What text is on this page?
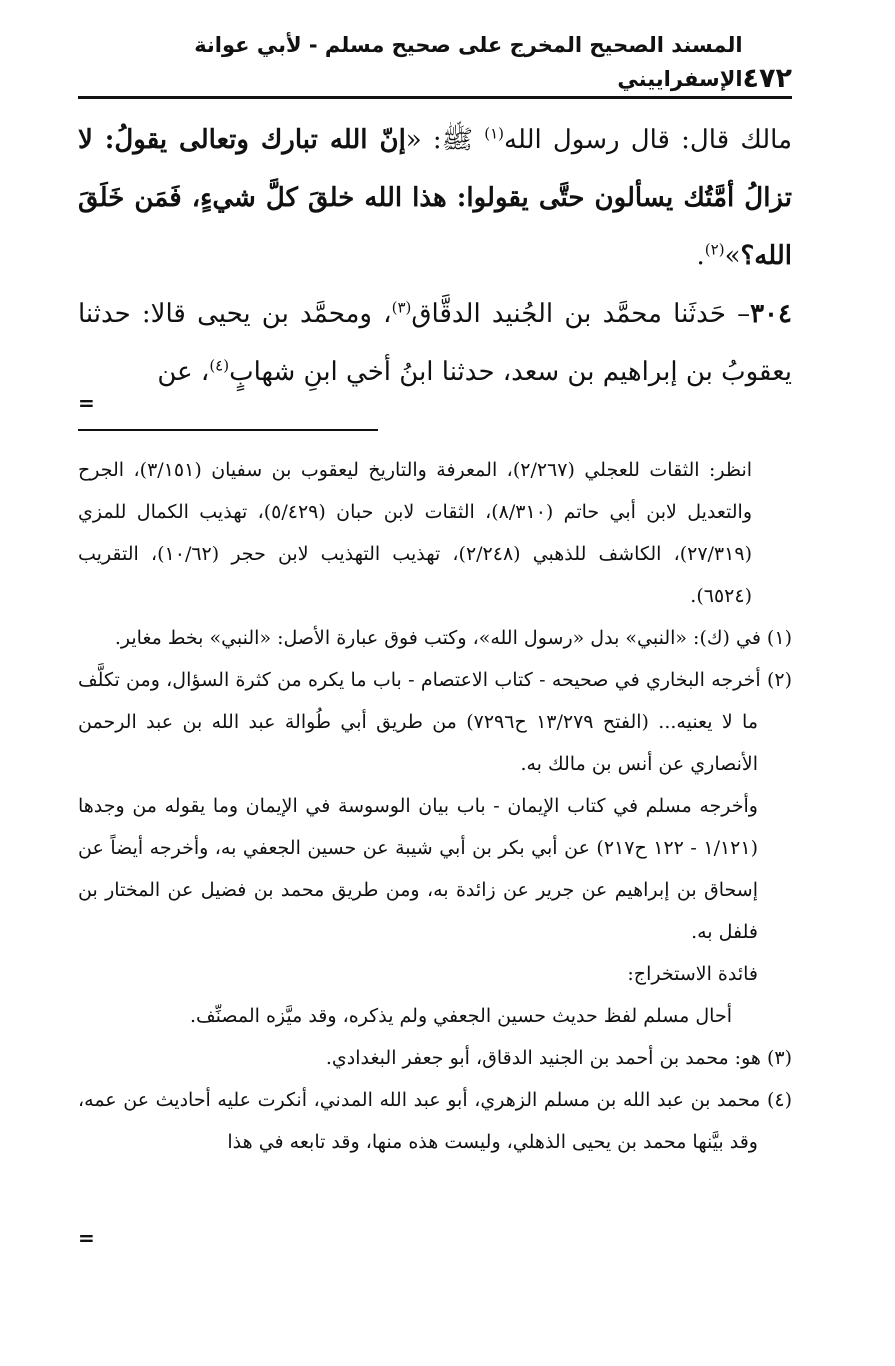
٤٧٢
المسند الصحيح المخرج على صحيح مسلم - لأبي عوانة الإسفراييني

مالك قال: قال رسول الله$^{(١)}$ ﷺ: «إنّ الله تبارك وتعالى يقولُ: لا تزالُ أمَّتُك يسألون حتَّى يقولوا: هذا الله خلقَ كلَّ شيءٍ، فَمَن خَلَقَ الله؟»$^{(٢)}$.

٣٠٤– حَدثَنا محمَّد بن الجُنيد الدقَّاق$^{(٣)}$، ومحمَّد بن يحيى قالا: حدثنا يعقوبُ بن إبراهيم بن سعد، حدثنا ابنُ أخي ابنِ شهابٍ$^{(٤)}$، عن

انظر: الثقات للعجلي (٢/٢٦٧)، المعرفة والتاريخ ليعقوب بن سفيان (٣/١٥١)، الجرح والتعديل لابن أبي حاتم (٨/٣١٠)، الثقات لابن حبان (٥/٤٢٩)، تهذيب الكمال للمزي (٢٧/٣١٩)، الكاشف للذهبي (٢/٢٤٨)، تهذيب التهذيب لابن حجر (١٠/٦٢)، التقريب (٦٥٢٤).

(١) في (ك): «النبي» بدل «رسول الله»، وكتب فوق عبارة الأصل: «النبي» بخط مغاير.

(٢) أخرجه البخاري في صحيحه - كتاب الاعتصام - باب ما يكره من كثرة السؤال، ومن تكلَّف ما لا يعنيه... (الفتح ١٣/٢٧٩ ح٧٢٩٦) من طريق أبي طُوالة عبد الله بن عبد الرحمن الأنصاري عن أنس بن مالك به.

وأخرجه مسلم في كتاب الإيمان - باب بيان الوسوسة في الإيمان وما يقوله من وجدها (١/١٢١ - ١٢٢ ح٢١٧) عن أبي بكر بن أبي شيبة عن حسين الجعفي به، وأخرجه أيضاً عن إسحاق بن إبراهيم عن جرير عن زائدة به، ومن طريق محمد بن فضيل عن المختار بن فلفل به.

فائدة الاستخراج:

أحال مسلم لفظ حديث حسين الجعفي ولم يذكره، وقد ميَّزه المصنِّف.

(٣) هو: محمد بن أحمد بن الجنيد الدقاق، أبو جعفر البغدادي.

(٤) محمد بن عبد الله بن مسلم الزهري، أبو عبد الله المدني، أنكرت عليه أحاديث عن عمه، وقد بيَّنها محمد بن يحيى الذهلي، وليست هذه منها، وقد تابعه في هذا

=
=
